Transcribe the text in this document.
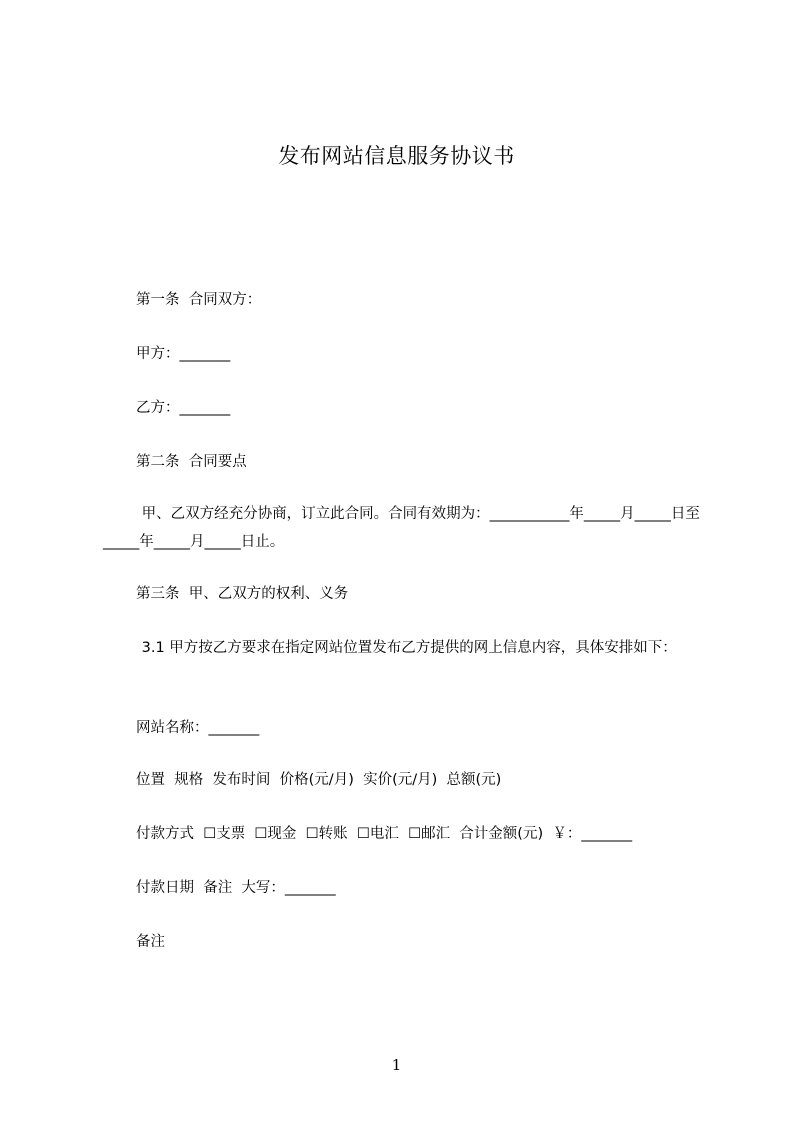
发布网站信息服务协议书
第一条  合同双方：
甲方：_______
乙方：_______
第二条  合同要点
甲、乙双方经充分协商，订立此合同。合同有效期为：___________年_____月_____日至  _____年_____月_____日止。
第三条  甲、乙双方的权利、义务
3.1 甲方按乙方要求在指定网站位置发布乙方提供的网上信息内容，具体安排如下：
网站名称：_______
位置  规格  发布时间  价格(元/月)  实价(元/月)  总额(元)
付款方式  ☐支票  ☐现金  ☐转账  ☐电汇  ☐邮汇  合计金额(元)  ￥：_______
付款日期  备注  大写：_______
备注
1
